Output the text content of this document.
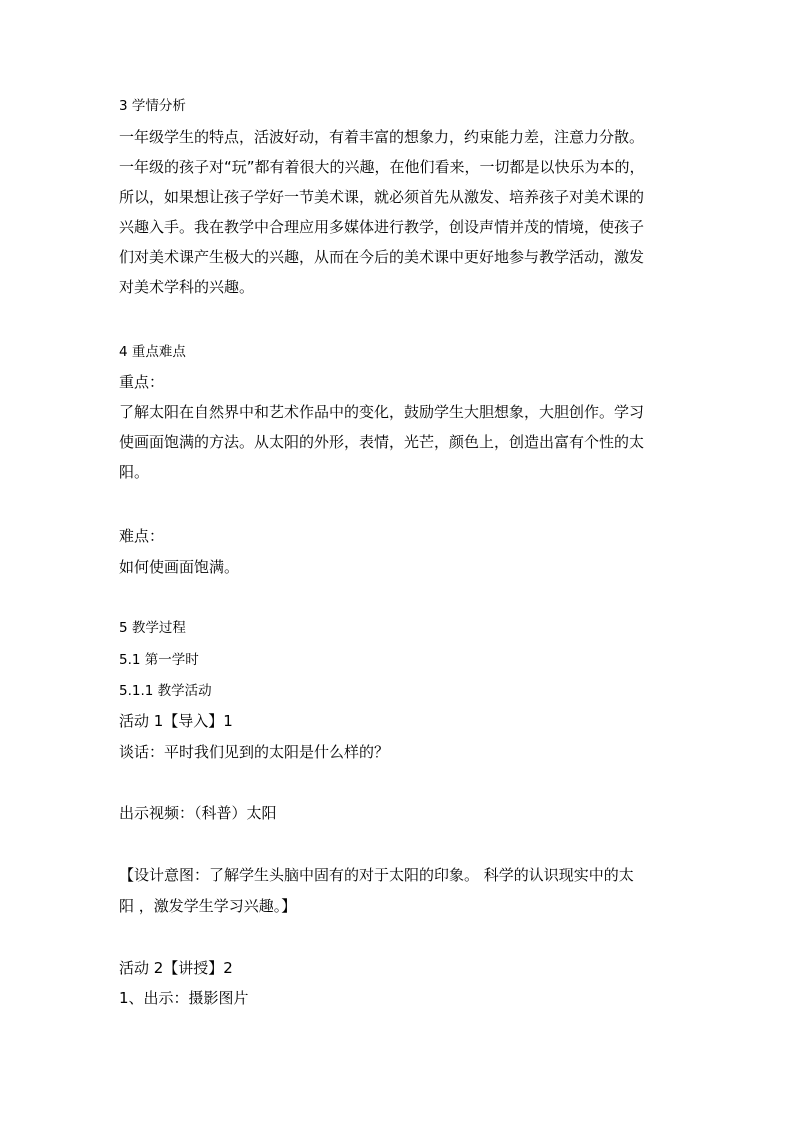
3 学情分析
一年级学生的特点，活波好动，有着丰富的想象力，约束能力差，注意力分散。
一年级的孩子对“玩”都有着很大的兴趣，在他们看来，一切都是以快乐为本的，
所以，如果想让孩子学好一节美术课，就必须首先从激发、培养孩子对美术课的
兴趣入手。我在教学中合理应用多媒体进行教学，创设声情并茂的情境，使孩子
们对美术课产生极大的兴趣，从而在今后的美术课中更好地参与教学活动，激发
对美术学科的兴趣。
4 重点难点
重点：
了解太阳在自然界中和艺术作品中的变化，鼓励学生大胆想象，大胆创作。学习
使画面饱满的方法。从太阳的外形，表情，光芒，颜色上，创造出富有个性的太
阳。
难点：
如何使画面饱满。
5 教学过程
5.1 第一学时
5.1.1 教学活动
活动 1【导入】1
谈话：平时我们见到的太阳是什么样的？
出示视频：（科普）太阳
【设计意图：了解学生头脑中固有的对于太阳的印象。 科学的认识现实中的太
阳 ，激发学生学习兴趣。】
活动 2【讲授】2
1、出示：摄影图片
